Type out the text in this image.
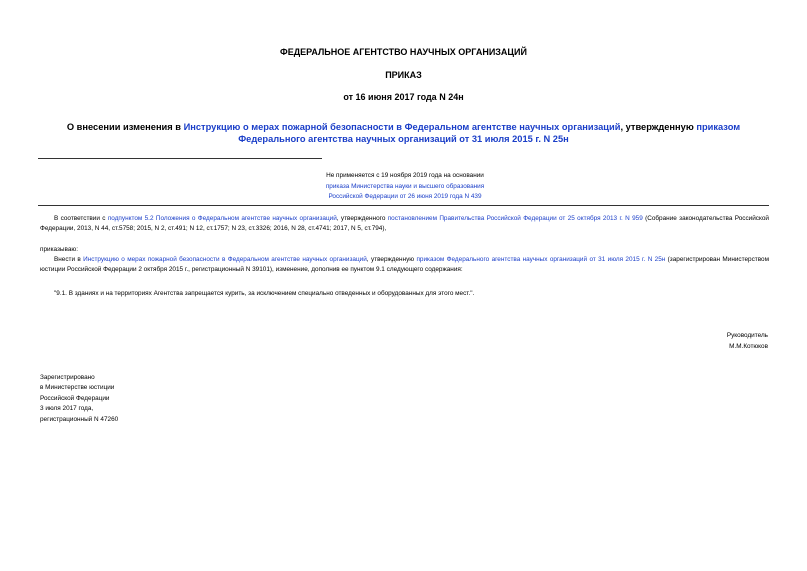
ФЕДЕРАЛЬНОЕ АГЕНТСТВО НАУЧНЫХ ОРГАНИЗАЦИЙ
ПРИКАЗ
от 16 июня 2017 года N 24н
О внесении изменения в Инструкцию о мерах пожарной безопасности в Федеральном агентстве научных организаций, утвержденную приказом Федерального агентства научных организаций от 31 июля 2015 г. N 25н
Не применяется с 19 ноября 2019 года на основании
приказа Министерства науки и высшего образования
Российской Федерации от 26 июня 2019 года N 439
В соответствии с подпунктом 5.2 Положения о Федеральном агентстве научных организаций, утвержденного постановлением Правительства Российской Федерации от 25 октября 2013 г. N 959 (Собрание законодательства Российской Федерации, 2013, N 44, ст.5758; 2015, N 2, ст.491; N 12, ст.1757; N 23, ст.3326; 2016, N 28, ст.4741; 2017, N 5, ст.794),
приказываю:
Внести в Инструкцию о мерах пожарной безопасности в Федеральном агентстве научных организаций, утвержденную приказом Федерального агентства научных организаций от 31 июля 2015 г. N 25н (зарегистрирован Министерством юстиции Российской Федерации 2 октября 2015 г., регистрационный N 39101), изменение, дополнив ее пунктом 9.1 следующего содержания:
"9.1. В зданиях и на территориях Агентства запрещается курить, за исключением специально отведенных и оборудованных для этого мест.".
Руководитель
М.М.Котюков
Зарегистрировано
в Министерстве юстиции
Российской Федерации
3 июля 2017 года,
регистрационный N 47260
